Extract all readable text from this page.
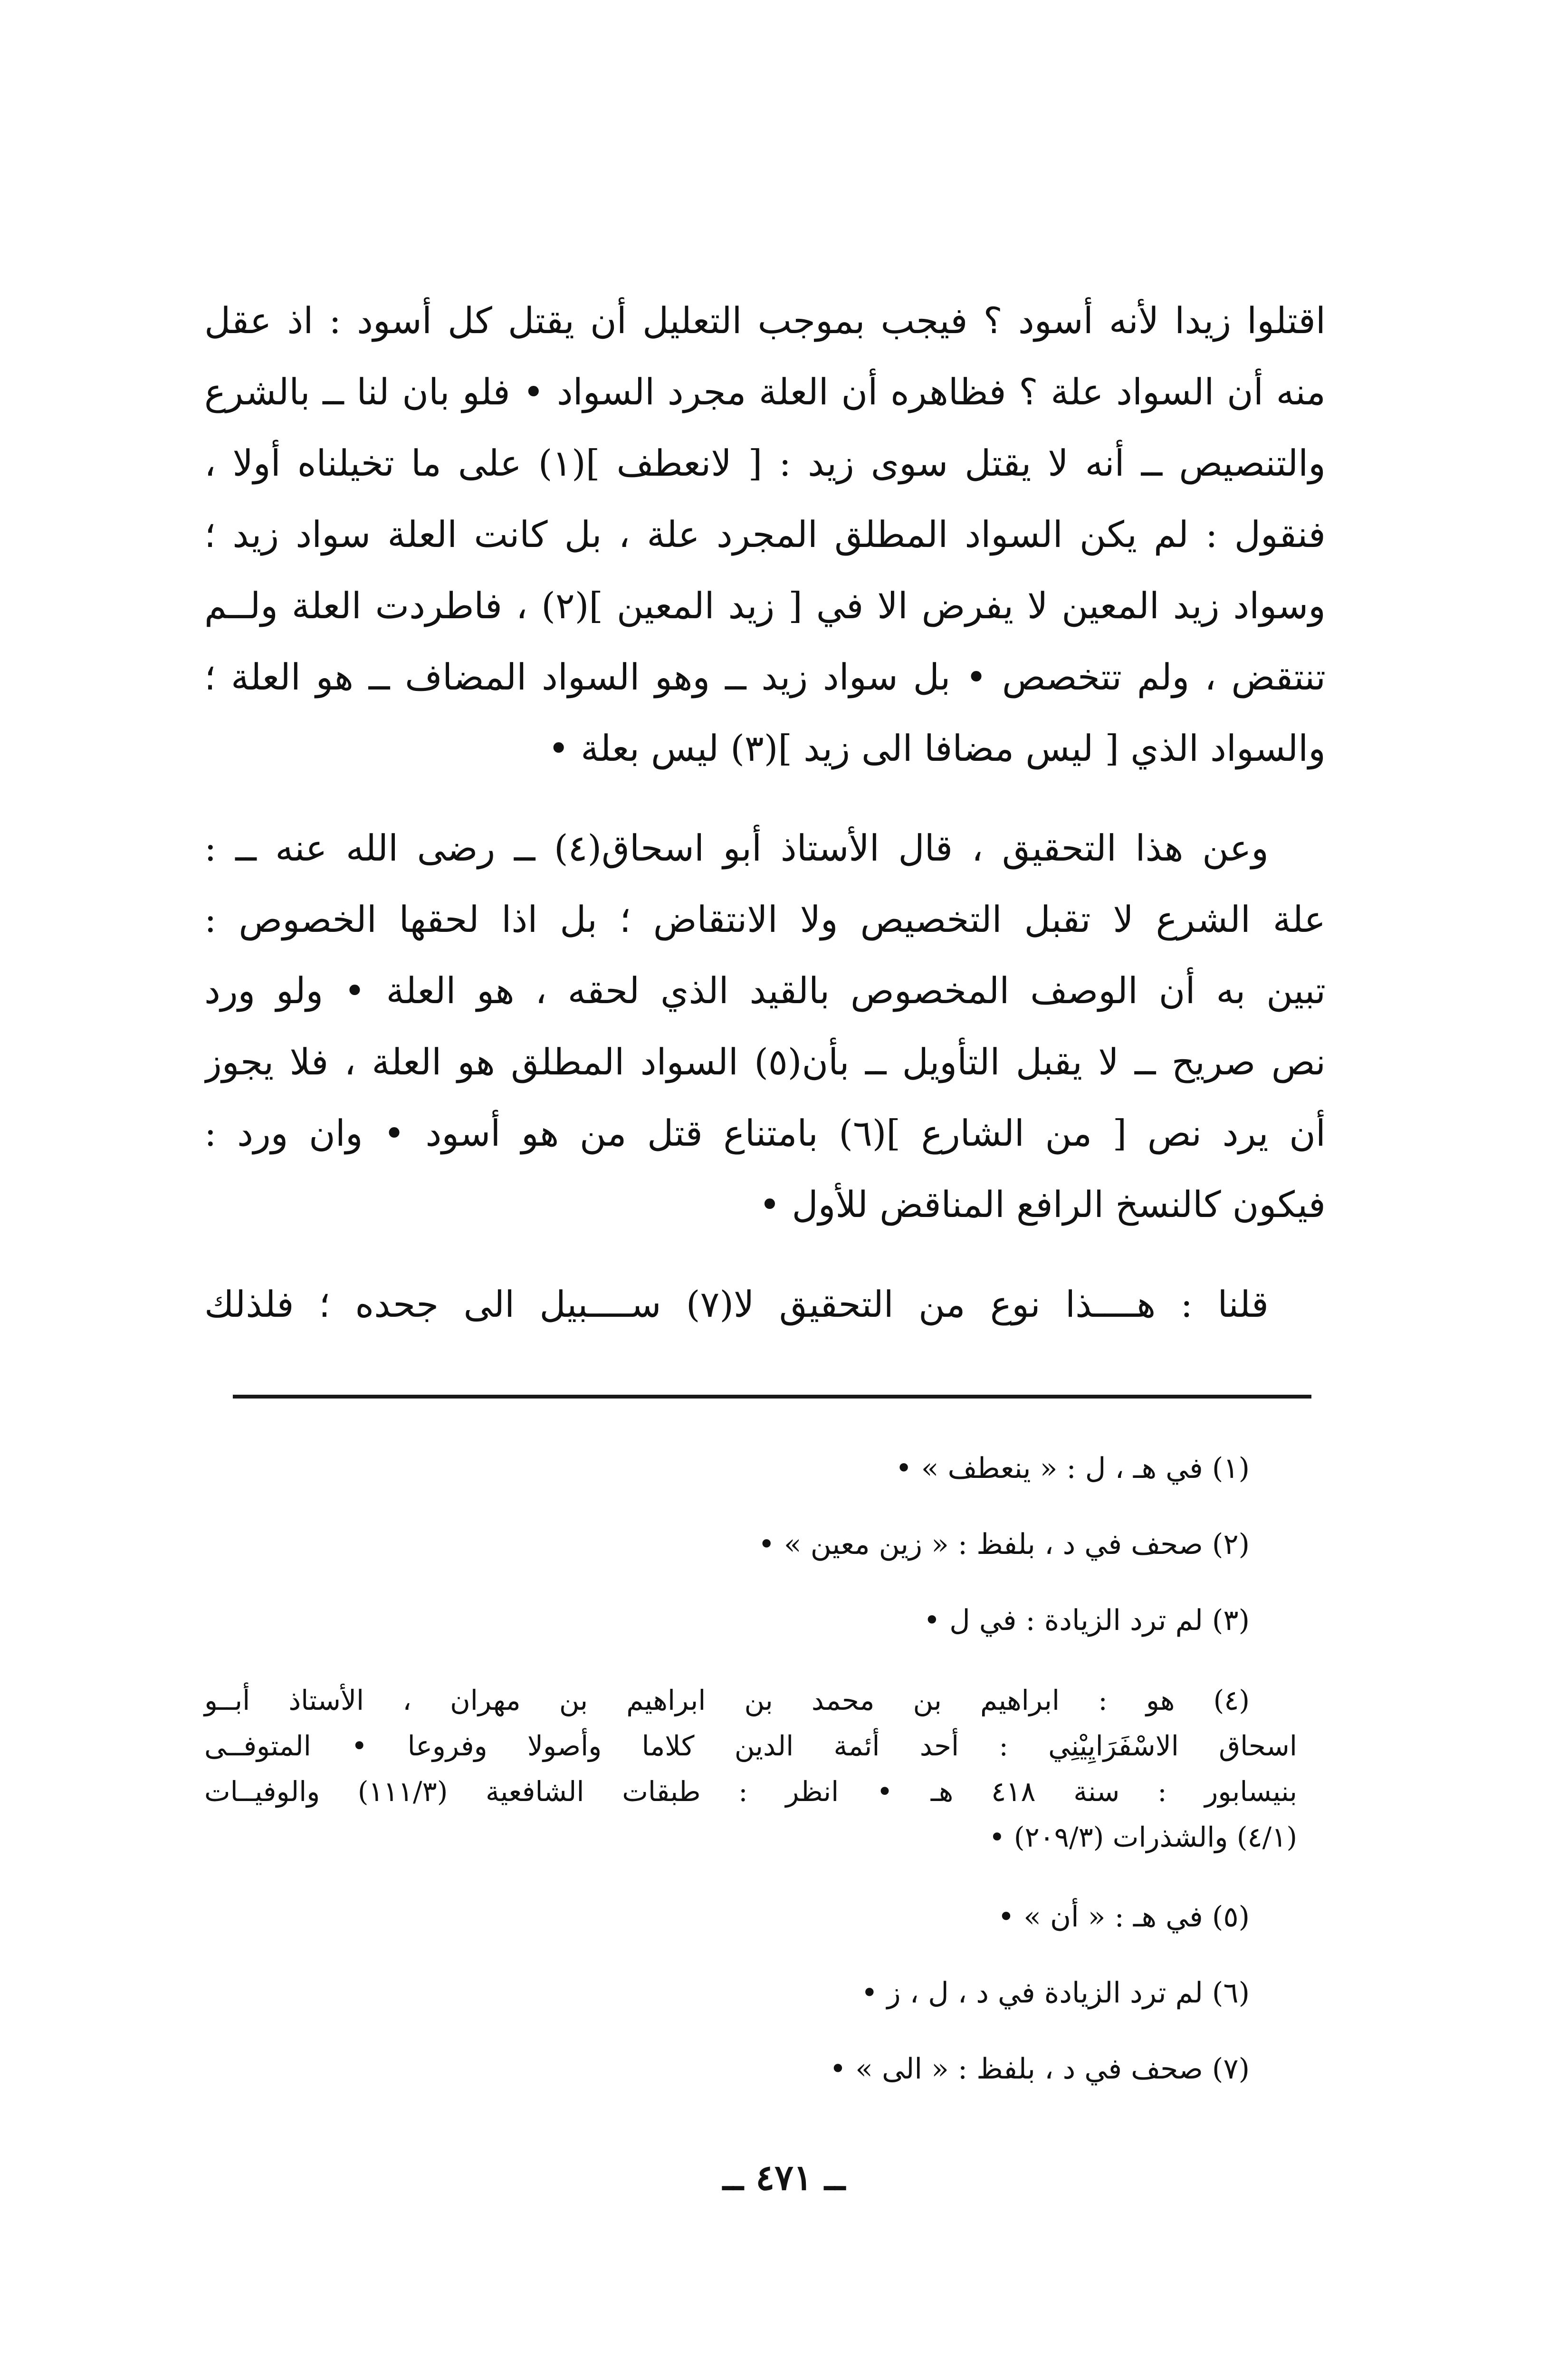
اقتلوا زيدا لأنه أسود ؟ فيجب بموجب التعليل أن يقتل كل أسود : اذ عقل
منه أن السواد علة ؟ فظاهره أن العلة مجرد السواد • فلو بان لنا ــ بالشرع
والتنصيص ــ أنه لا يقتل سوى زيد : [ لانعطف ](١) على ما تخيلناه أولا ،
فنقول : لم يكن السواد المطلق المجرد علة ، بل كانت العلة سواد زيد ؛
وسواد زيد المعين لا يفرض الا في [ زيد المعين ](٢) ، فاطردت العلة ولــم
تنتقض ، ولم تتخصص • بل سواد زيد ــ وهو السواد المضاف ــ هو العلة ؛
والسواد الذي [ ليس مضافا الى زيد ](٣) ليس بعلة •
وعن هذا التحقيق ، قال الأستاذ أبو اسحاق(٤) ــ رضى الله عنه ــ :
علة الشرع لا تقبل التخصيص ولا الانتقاض ؛ بل اذا لحقها الخصوص :
تبين به أن الوصف المخصوص بالقيد الذي لحقه ، هو العلة • ولو ورد
نص صريح ــ لا يقبل التأويل ــ بأن(٥) السواد المطلق هو العلة ، فلا يجوز
أن يرد نص [ من الشارع ](٦) بامتناع قتل من هو أسود • وان ورد :
فيكون كالنسخ الرافع المناقض للأول •
قلنا : هــــذا نوع من التحقيق لا(٧) ســــبيل الى جحده ؛ فلذلك
(١) في هـ ، ل : « ينعطف » •
(٢) صحف في د ، بلفظ : « زين معين » •
(٣) لم ترد الزيادة : في ل •
(٤) هو : ابراهيم بن محمد بن ابراهيم بن مهران ، الأستاذ أبــو
اسحاق الاسْفَرَايِيْنِي : أحد أئمة الدين كلاما وأصولا وفروعا • المتوفــى
بنيسابور : سنة ٤١٨ هـ • انظر : طبقات الشافعية (١١١/٣) والوفيــات
(٤/١) والشذرات (٢٠٩/٣) •
(٥) في هـ : « أن » •
(٦) لم ترد الزيادة في د ، ل ، ز •
(٧) صحف في د ، بلفظ : « الى » •
ــ ٤٧١ ــ
